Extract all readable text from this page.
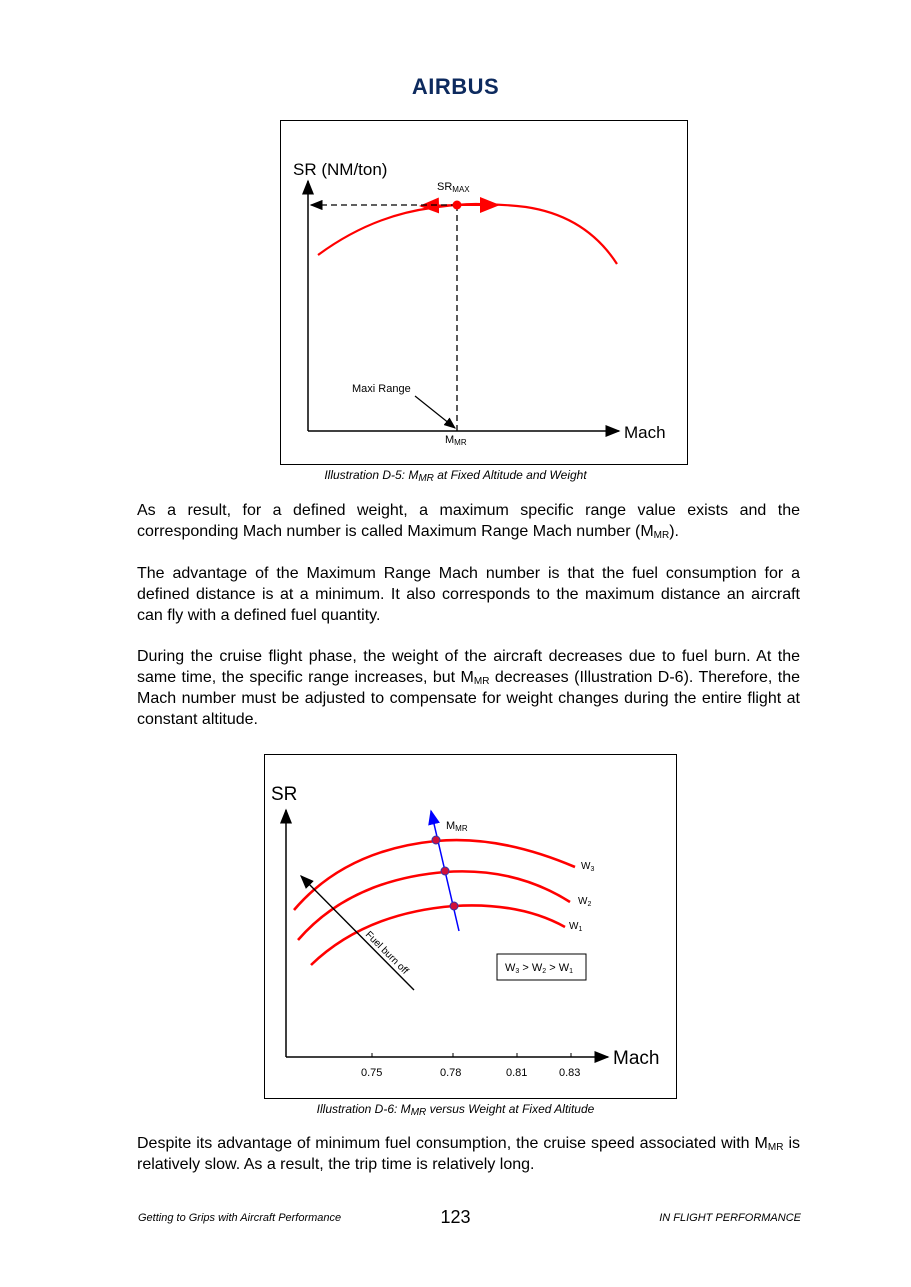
AIRBUS
SR (NM/ton)
Mach
SRMAX
Maxi Range
MMR
Illustration D-5: $M_{MR}$ at Fixed Altitude and Weight

As a result, for a defined weight, a maximum specific range value exists and the corresponding Mach number is called Maximum Range Mach number $(M_{MR})$.

The advantage of the Maximum Range Mach number is that the fuel consumption for a defined distance is at a minimum. It also corresponds to the maximum distance an aircraft can fly with a defined fuel quantity.

During the cruise flight phase, the weight of the aircraft decreases due to fuel burn. At the same time, the specific range increases, but $M_{MR}$ decreases (Illustration D-6). Therefore, the Mach number must be adjusted to compensate for weight changes during the entire flight at constant altitude.

SR
Mach
0.75	0.78	0.81	0.83
MMR
$W_3$
$W_2$
$W_1$
Fuel burn off	W3 > W2 > W1
Illustration D-6: $M_{MR}$ versus Weight at Fixed Altitude

Despite its advantage of minimum fuel consumption, the cruise speed associated with $M_{MR}$ is relatively slow. As a result, the trip time is relatively long.

Getting to Grips with Aircraft Performance	123	IN FLIGHT PERFORMANCE
